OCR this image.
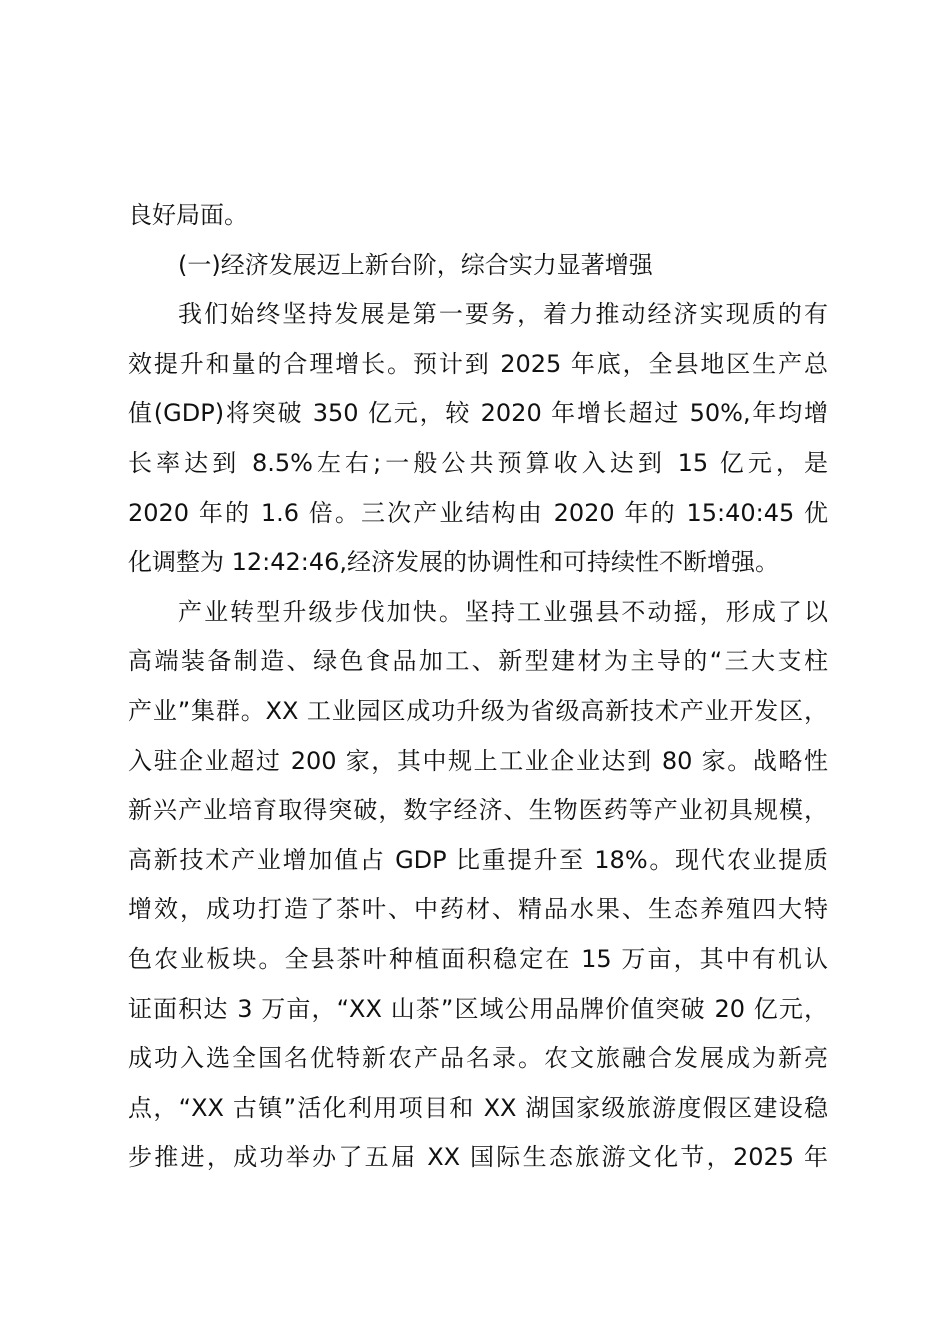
良好局面。
(一)经济发展迈上新台阶，综合实力显著增强
我们始终坚持发展是第一要务，着力推动经济实现质的有
效提升和量的合理增长。预计到 2025 年底，全县地区生产总
值(GDP)将突破 350 亿元，较 2020 年增长超过 50%,年均增
长率达到 8.5%左右;一般公共预算收入达到 15 亿元，是
2020 年的 1.6 倍。三次产业结构由 2020 年的 15:40:45 优
化调整为 12:42:46,经济发展的协调性和可持续性不断增强。
产业转型升级步伐加快。坚持工业强县不动摇，形成了以
高端装备制造、绿色食品加工、新型建材为主导的“三大支柱
产业”集群。XX 工业园区成功升级为省级高新技术产业开发区，
入驻企业超过 200 家，其中规上工业企业达到 80 家。战略性
新兴产业培育取得突破，数字经济、生物医药等产业初具规模，
高新技术产业增加值占 GDP 比重提升至 18%。现代农业提质
增效，成功打造了茶叶、中药材、精品水果、生态养殖四大特
色农业板块。全县茶叶种植面积稳定在 15 万亩，其中有机认
证面积达 3 万亩，“XX 山茶”区域公用品牌价值突破 20 亿元，
成功入选全国名优特新农产品名录。农文旅融合发展成为新亮
点，“XX 古镇”活化利用项目和 XX 湖国家级旅游度假区建设稳
步推进，成功举办了五届 XX 国际生态旅游文化节，2025 年
